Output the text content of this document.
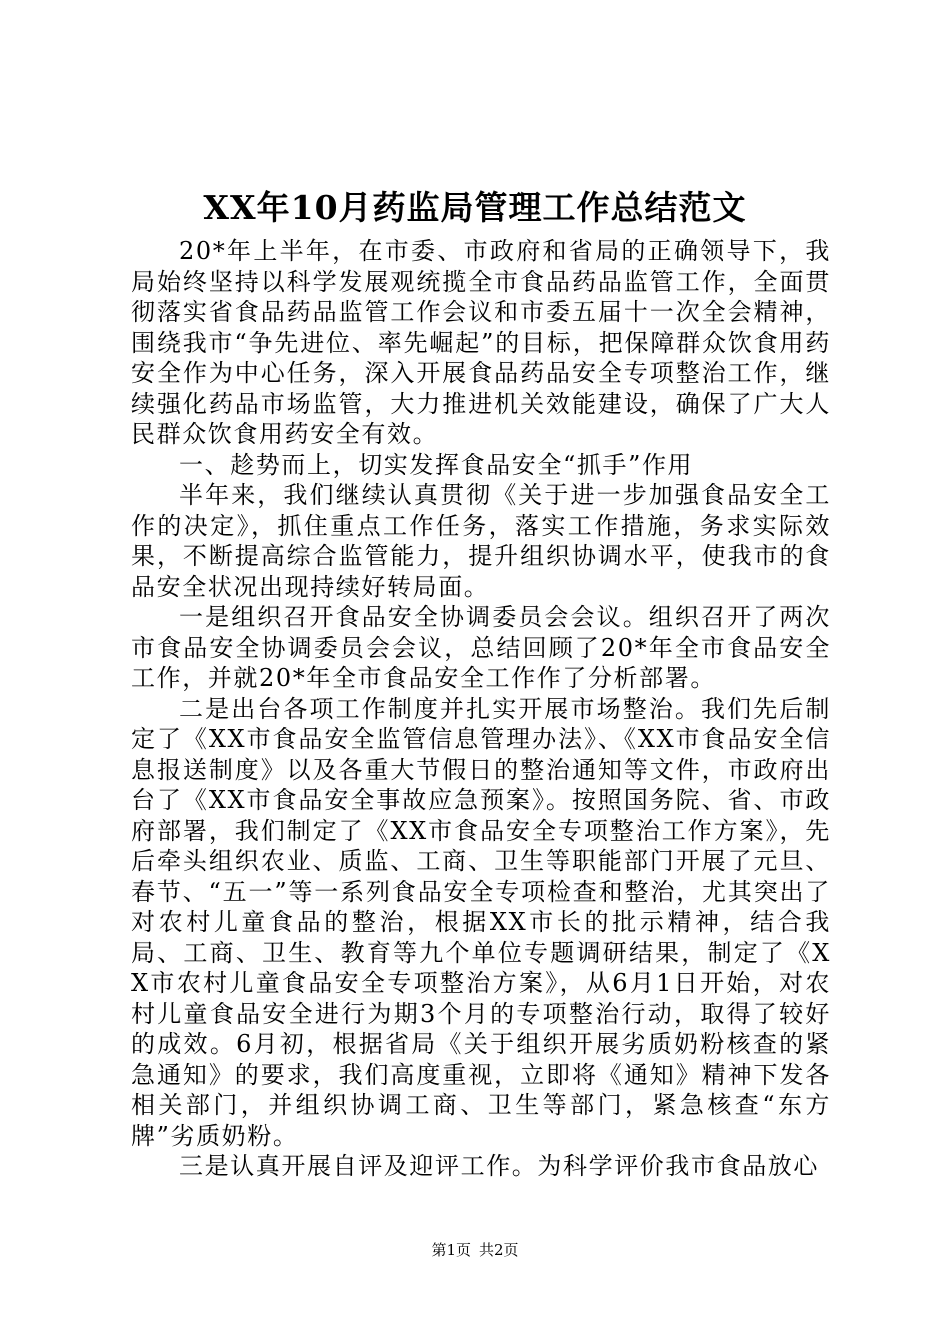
XX年10月药监局管理工作总结范文

20*年上半年，在市委、市政府和省局的正确领导下，我局始终坚持以科学发展观统揽全市食品药品监管工作，全面贯彻落实省食品药品监管工作会议和市委五届十一次全会精神，围绕我市“争先进位、率先崛起”的目标，把保障群众饮食用药安全作为中心任务，深入开展食品药品安全专项整治工作，继续强化药品市场监管，大力推进机关效能建设，确保了广大人民群众饮食用药安全有效。

一、趁势而上，切实发挥食品安全“抓手”作用

半年来，我们继续认真贯彻《关于进一步加强食品安全工作的决定》，抓住重点工作任务，落实工作措施，务求实际效果，不断提高综合监管能力，提升组织协调水平，使我市的食品安全状况出现持续好转局面。

一是组织召开食品安全协调委员会会议。组织召开了两次市食品安全协调委员会会议，总结回顾了20*年全市食品安全工作，并就20*年全市食品安全工作作了分析部署。

二是出台各项工作制度并扎实开展市场整治。我们先后制定了《XX市食品安全监管信息管理办法》、《XX市食品安全信息报送制度》以及各重大节假日的整治通知等文件，市政府出台了《XX市食品安全事故应急预案》。按照国务院、省、市政府部署，我们制定了《XX市食品安全专项整治工作方案》，先后牵头组织农业、质监、工商、卫生等职能部门开展了元旦、春节、“五一”等一系列食品安全专项检查和整治，尤其突出了对农村儿童食品的整治，根据XX市长的批示精神，结合我局、工商、卫生、教育等九个单位专题调研结果，制定了《XX市农村儿童食品安全专项整治方案》，从6月1日开始，对农村儿童食品安全进行为期3个月的专项整治行动，取得了较好的成效。6月初，根据省局《关于组织开展劣质奶粉核查的紧急通知》的要求，我们高度重视，立即将《通知》精神下发各相关部门，并组织协调工商、卫生等部门，紧急核查“东方牌”劣质奶粉。

三是认真开展自评及迎评工作。为科学评价我市食品放心

第1页 共2页
